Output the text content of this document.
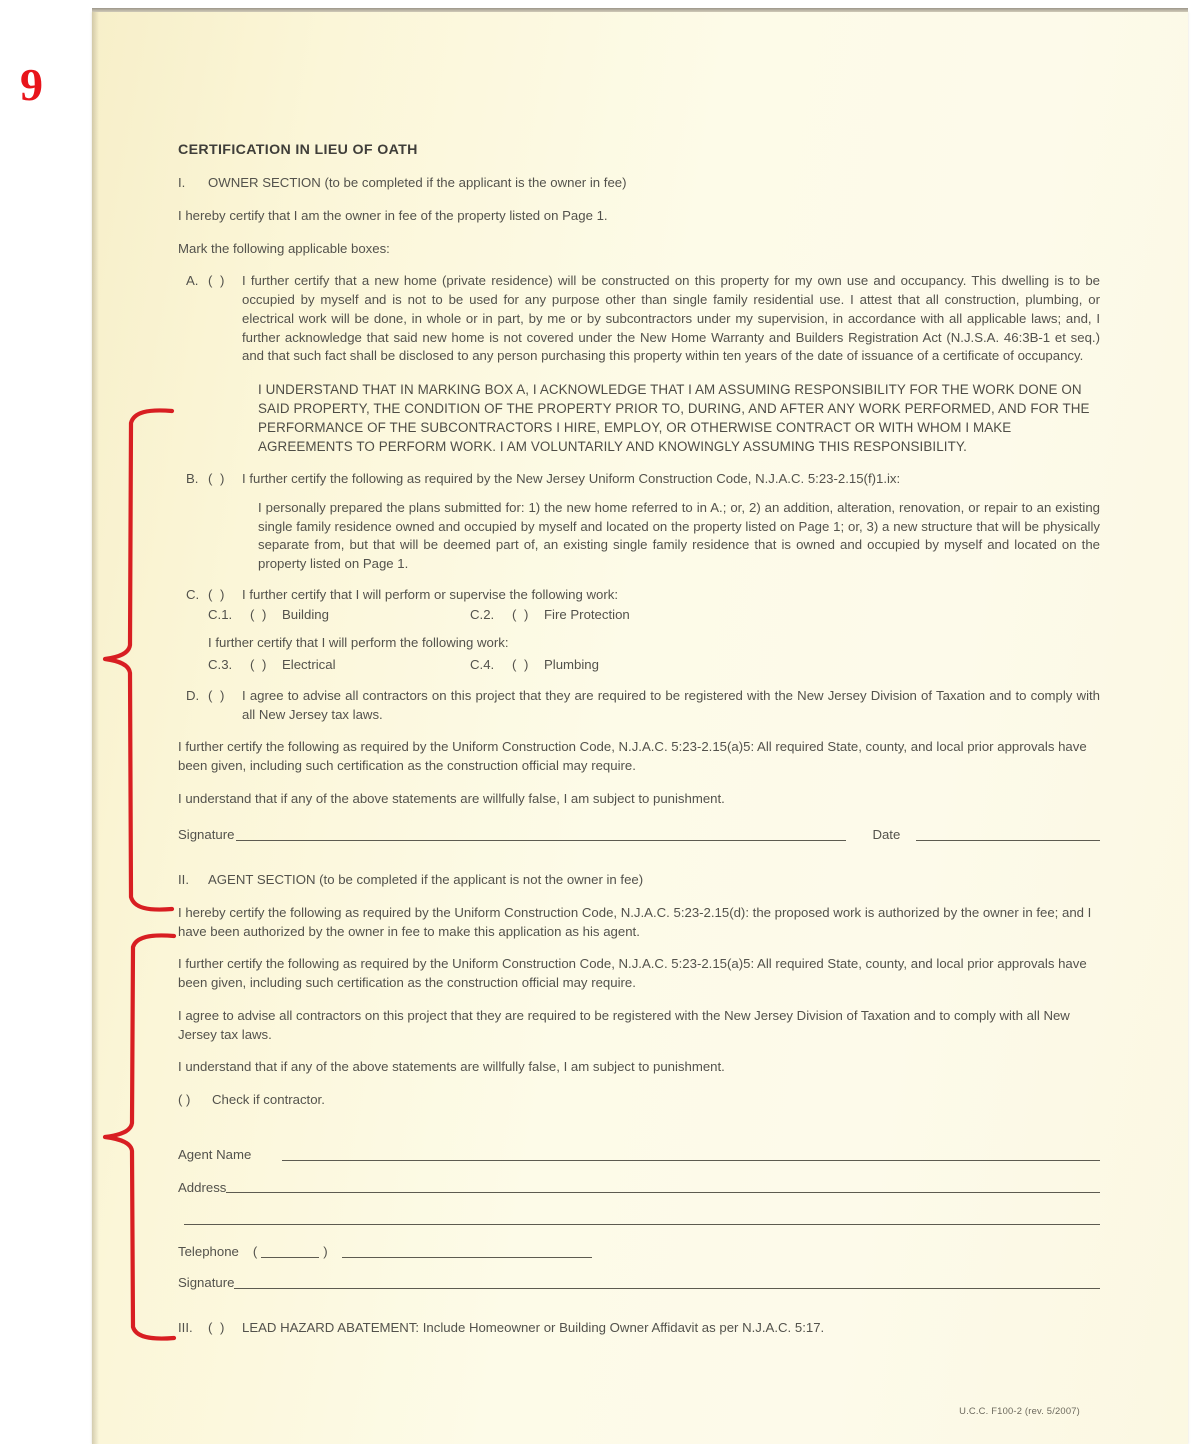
9
CERTIFICATION IN LIEU OF OATH
I.	OWNER SECTION (to be completed if the applicant is the owner in fee)

I hereby certify that I am the owner in fee of the property listed on Page 1.

Mark the following applicable boxes:

A. ( )	I further certify that a new home (private residence) will be constructed on this property for my own use and occupancy. This dwelling is to be occupied by myself and is not to be used for any purpose other than single family residential use. I attest that all construction, plumbing, or electrical work will be done, in whole or in part, by me or by subcontractors under my supervision, in accordance with all applicable laws; and, I further acknowledge that said new home is not covered under the New Home Warranty and Builders Registration Act (N.J.S.A. 46:3B-1 et seq.) and that such fact shall be disclosed to any person purchasing this property within ten years of the date of issuance of a certificate of occupancy.
I UNDERSTAND THAT IN MARKING BOX A, I ACKNOWLEDGE THAT I AM ASSUMING RESPONSIBILITY FOR THE WORK DONE ON SAID PROPERTY, THE CONDITION OF THE PROPERTY PRIOR TO, DURING, AND AFTER ANY WORK PERFORMED, AND FOR THE PERFORMANCE OF THE SUBCONTRACTORS I HIRE, EMPLOY, OR OTHERWISE CONTRACT OR WITH WHOM I MAKE AGREEMENTS TO PERFORM WORK. I AM VOLUNTARILY AND KNOWINGLY ASSUMING THIS RESPONSIBILITY.
B. ( )	I further certify the following as required by the New Jersey Uniform Construction Code, N.J.A.C. 5:23-2.15(f)1.ix:
I personally prepared the plans submitted for: 1) the new home referred to in A.; or, 2) an addition, alteration, renovation, or repair to an existing single family residence owned and occupied by myself and located on the property listed on Page 1; or, 3) a new structure that will be physically separate from, but that will be deemed part of, an existing single family residence that is owned and occupied by myself and located on the property listed on Page 1.
C. ( )	I further certify that I will perform or supervise the following work:
C.1.	( )	Building	C.2.	( )	Fire Protection
I further certify that I will perform the following work:
C.3.	( )	Electrical	C.4.	( )	Plumbing
D. ( )	I agree to advise all contractors on this project that they are required to be registered with the New Jersey Division of Taxation and to comply with all New Jersey tax laws.

I further certify the following as required by the Uniform Construction Code, N.J.A.C. 5:23-2.15(a)5: All required State, county, and local prior approvals have been given, including such certification as the construction official may require.

I understand that if any of the above statements are willfully false, I am subject to punishment.

Signature	Date
II.	AGENT SECTION (to be completed if the applicant is not the owner in fee)

I hereby certify the following as required by the Uniform Construction Code, N.J.A.C. 5:23-2.15(d): the proposed work is authorized by the owner in fee; and I have been authorized by the owner in fee to make this application as his agent.

I further certify the following as required by the Uniform Construction Code, N.J.A.C. 5:23-2.15(a)5: All required State, county, and local prior approvals have been given, including such certification as the construction official may require.

I agree to advise all contractors on this project that they are required to be registered with the New Jersey Division of Taxation and to comply with all New Jersey tax laws.

I understand that if any of the above statements are willfully false, I am subject to punishment.

( )	Check if contractor.
Agent Name
Address
Telephone	(	)
Signature
III.	( )	LEAD HAZARD ABATEMENT: Include Homeowner or Building Owner Affidavit as per N.J.A.C. 5:17.
U.C.C. F100-2 (rev. 5/2007)
